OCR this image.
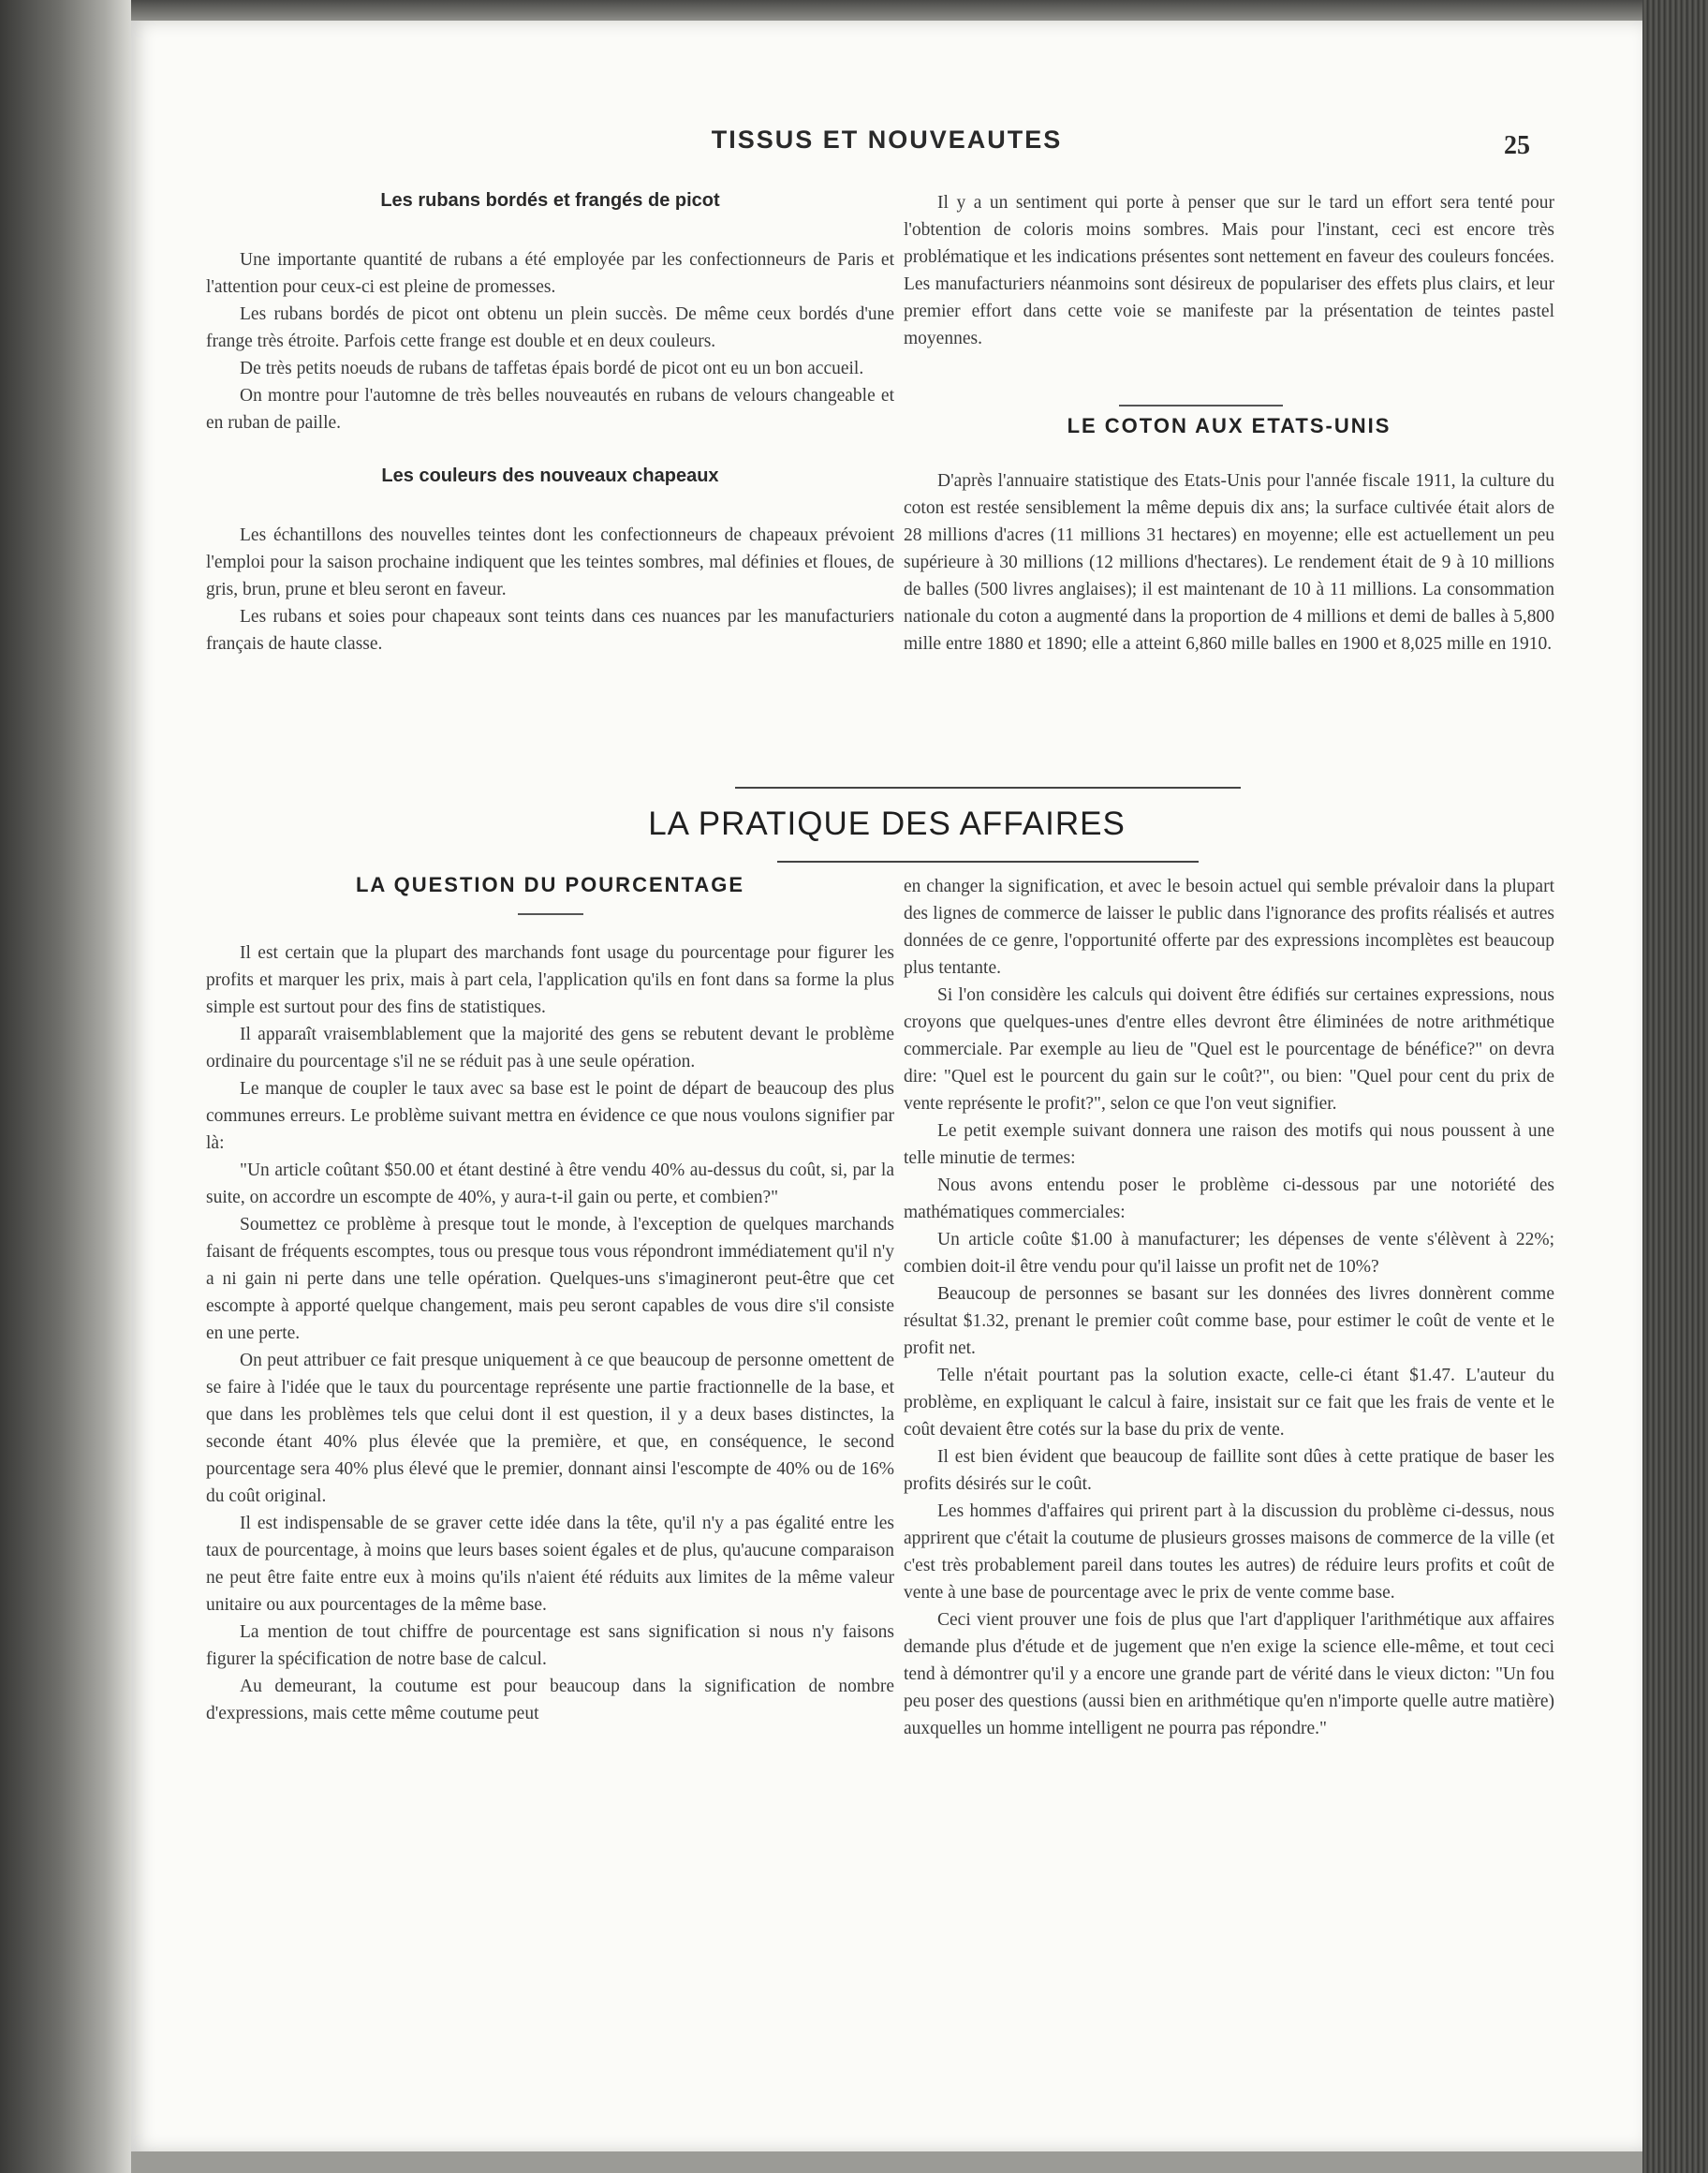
TISSUS ET NOUVEAUTES	25
Les rubans bordés et frangés de picot

Une importante quantité de rubans a été employée par les confectionneurs de Paris et l'attention pour ceux-ci est pleine de promesses.

Les rubans bordés de picot ont obtenu un plein succès. De même ceux bordés d'une frange très étroite. Parfois cette frange est double et en deux couleurs.

De très petits noeuds de rubans de taffetas épais bordé de picot ont eu un bon accueil.

On montre pour l'automne de très belles nouveautés en rubans de velours changeable et en ruban de paille.

Les couleurs des nouveaux chapeaux

Les échantillons des nouvelles teintes dont les confectionneurs de chapeaux prévoient l'emploi pour la saison prochaine indiquent que les teintes sombres, mal définies et floues, de gris, brun, prune et bleu seront en faveur.

Les rubans et soies pour chapeaux sont teints dans ces nuances par les manufacturiers français de haute classe.

Il y a un sentiment qui porte à penser que sur le tard un effort sera tenté pour l'obtention de coloris moins sombres. Mais pour l'instant, ceci est encore très problématique et les indications présentes sont nettement en faveur des couleurs foncées. Les manufacturiers néanmoins sont désireux de populariser des effets plus clairs, et leur premier effort dans cette voie se manifeste par la présentation de teintes pastel moyennes.

LE COTON AUX ETATS-UNIS

D'après l'annuaire statistique des Etats-Unis pour l'année fiscale 1911, la culture du coton est restée sensiblement la même depuis dix ans; la surface cultivée était alors de 28 millions d'acres (11 millions 31 hectares) en moyenne; elle est actuellement un peu supérieure à 30 millions (12 millions d'hectares). Le rendement était de 9 à 10 millions de balles (500 livres anglaises); il est maintenant de 10 à 11 millions. La consommation nationale du coton a augmenté dans la proportion de 4 millions et demi de balles à 5,800 mille entre 1880 et 1890; elle a atteint 6,860 mille balles en 1900 et 8,025 mille en 1910.

LA PRATIQUE DES AFFAIRES
LA QUESTION DU POURCENTAGE

Il est certain que la plupart des marchands font usage du pourcentage pour figurer les profits et marquer les prix, mais à part cela, l'application qu'ils en font dans sa forme la plus simple est surtout pour des fins de statistiques.

Il apparaît vraisemblablement que la majorité des gens se rebutent devant le problème ordinaire du pourcentage s'il ne se réduit pas à une seule opération.

Le manque de coupler le taux avec sa base est le point de départ de beaucoup des plus communes erreurs. Le problème suivant mettra en évidence ce que nous voulons signifier par là:

"Un article coûtant $50.00 et étant destiné à être vendu 40% au-dessus du coût, si, par la suite, on accordre un escompte de 40%, y aura-t-il gain ou perte, et combien?"

Soumettez ce problème à presque tout le monde, à l'exception de quelques marchands faisant de fréquents escomptes, tous ou presque tous vous répondront immédiatement qu'il n'y a ni gain ni perte dans une telle opération. Quelques-uns s'imagineront peut-être que cet escompte à apporté quelque changement, mais peu seront capables de vous dire s'il consiste en une perte.

On peut attribuer ce fait presque uniquement à ce que beaucoup de personne omettent de se faire à l'idée que le taux du pourcentage représente une partie fractionnelle de la base, et que dans les problèmes tels que celui dont il est question, il y a deux bases distinctes, la seconde étant 40% plus élevée que la première, et que, en conséquence, le second pourcentage sera 40% plus élevé que le premier, donnant ainsi l'escompte de 40% ou de 16% du coût original.

Il est indispensable de se graver cette idée dans la tête, qu'il n'y a pas égalité entre les taux de pourcentage, à moins que leurs bases soient égales et de plus, qu'aucune comparaison ne peut être faite entre eux à moins qu'ils n'aient été réduits aux limites de la même valeur unitaire ou aux pourcentages de la même base.

La mention de tout chiffre de pourcentage est sans signification si nous n'y faisons figurer la spécification de notre base de calcul.

Au demeurant, la coutume est pour beaucoup dans la signification de nombre d'expressions, mais cette même coutume peut

en changer la signification, et avec le besoin actuel qui semble prévaloir dans la plupart des lignes de commerce de laisser le public dans l'ignorance des profits réalisés et autres données de ce genre, l'opportunité offerte par des expressions incomplètes est beaucoup plus tentante.

Si l'on considère les calculs qui doivent être édifiés sur certaines expressions, nous croyons que quelques-unes d'entre elles devront être éliminées de notre arithmétique commerciale. Par exemple au lieu de "Quel est le pourcentage de bénéfice?" on devra dire: "Quel est le pourcent du gain sur le coût?", ou bien: "Quel pour cent du prix de vente représente le profit?", selon ce que l'on veut signifier.

Le petit exemple suivant donnera une raison des motifs qui nous poussent à une telle minutie de termes:

Nous avons entendu poser le problème ci-dessous par une notoriété des mathématiques commerciales:

Un article coûte $1.00 à manufacturer; les dépenses de vente s'élèvent à 22%; combien doit-il être vendu pour qu'il laisse un profit net de 10%?

Beaucoup de personnes se basant sur les données des livres donnèrent comme résultat $1.32, prenant le premier coût comme base, pour estimer le coût de vente et le profit net.

Telle n'était pourtant pas la solution exacte, celle-ci étant $1.47. L'auteur du problème, en expliquant le calcul à faire, insistait sur ce fait que les frais de vente et le coût devaient être cotés sur la base du prix de vente.

Il est bien évident que beaucoup de faillite sont dûes à cette pratique de baser les profits désirés sur le coût.

Les hommes d'affaires qui prirent part à la discussion du problème ci-dessus, nous apprirent que c'était la coutume de plusieurs grosses maisons de commerce de la ville (et c'est très probablement pareil dans toutes les autres) de réduire leurs profits et coût de vente à une base de pourcentage avec le prix de vente comme base.

Ceci vient prouver une fois de plus que l'art d'appliquer l'arithmétique aux affaires demande plus d'étude et de jugement que n'en exige la science elle-même, et tout ceci tend à démontrer qu'il y a encore une grande part de vérité dans le vieux dicton: "Un fou peu poser des questions (aussi bien en arithmétique qu'en n'importe quelle autre matière) auxquelles un homme intelligent ne pourra pas répondre."
